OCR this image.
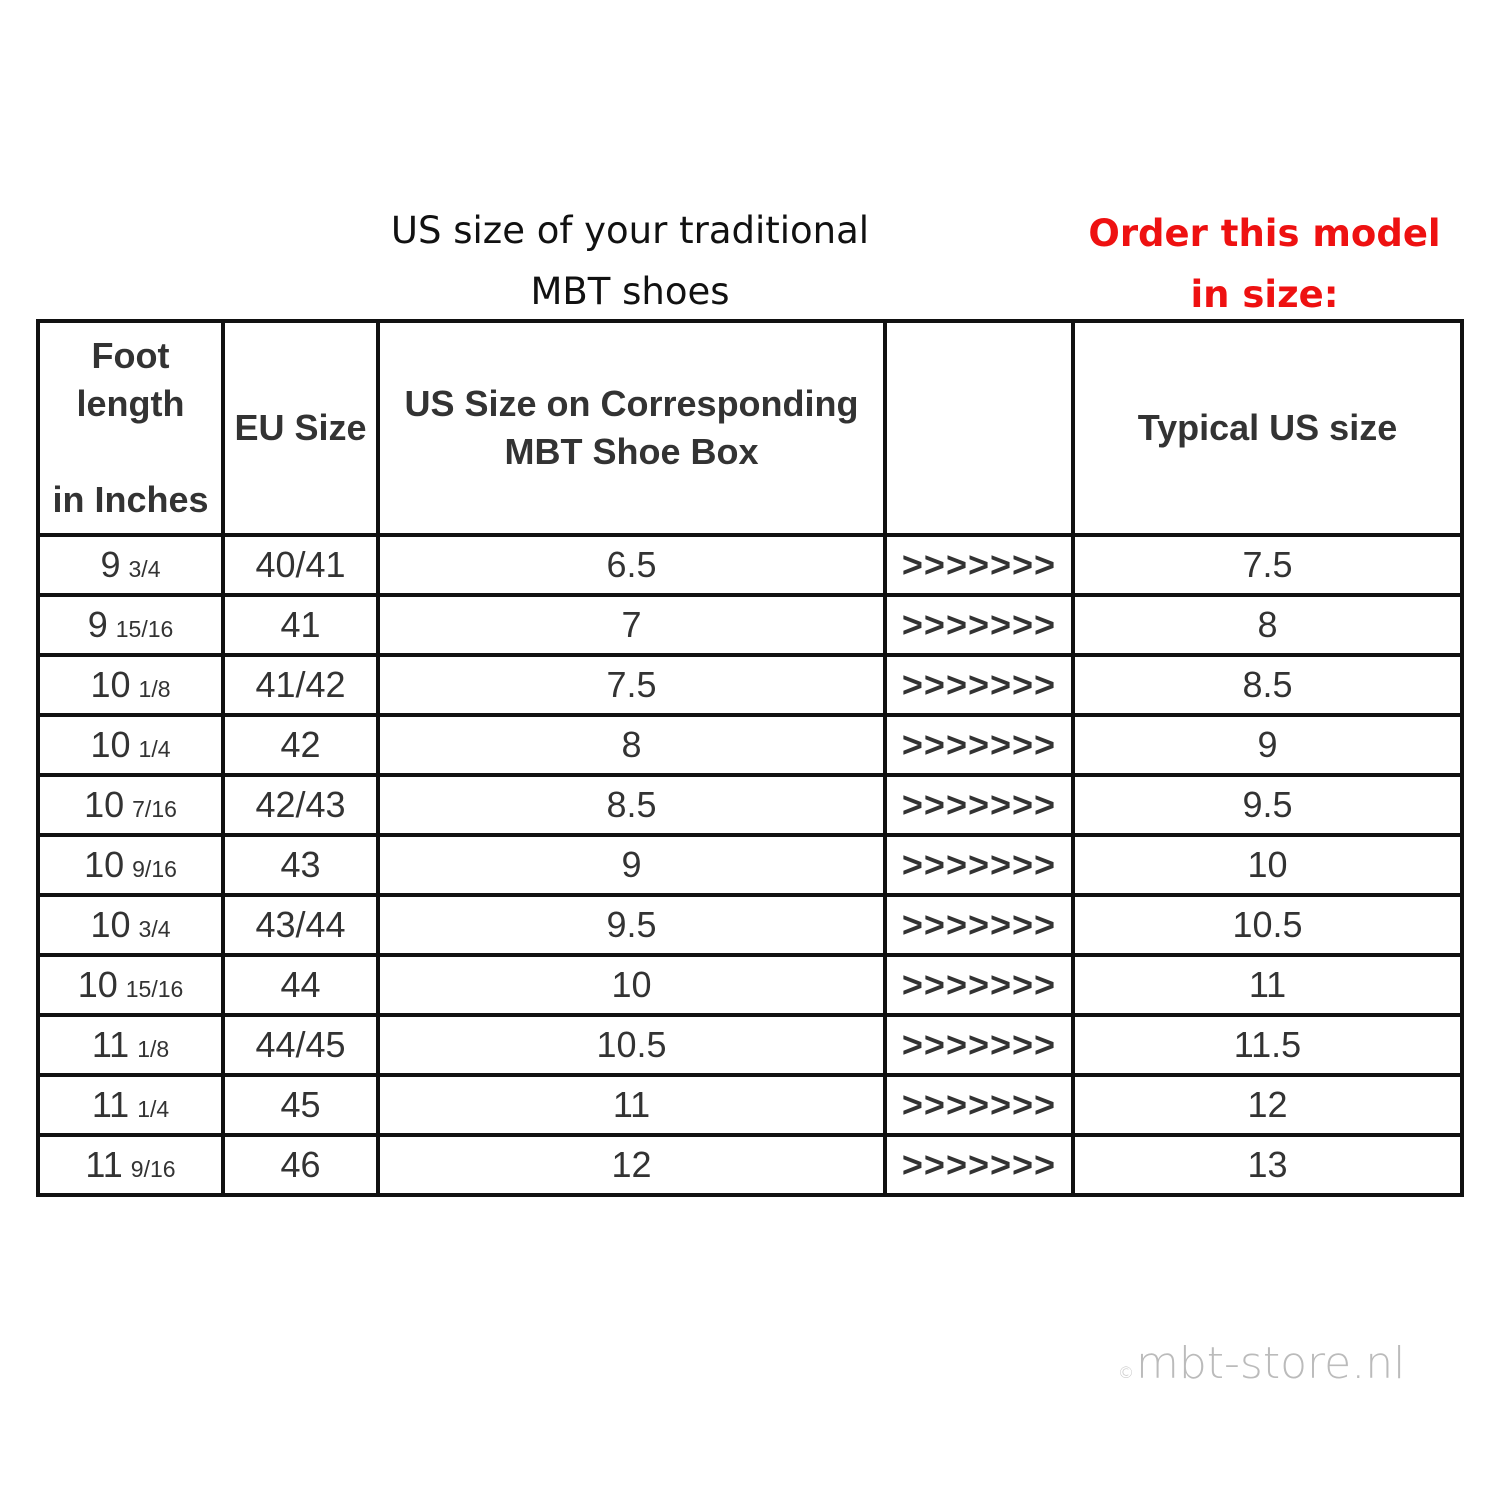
US size of your traditional MBT shoes
Order this model in size:
Foot length

in Inches	EU Size	US Size on Corresponding MBT Shoe Box		Typical US size
9 3/4	40/41	6.5	>>>>>>>	7.5
9 15/16	41	7	>>>>>>>	8
10 1/8	41/42	7.5	>>>>>>>	8.5
10 1/4	42	8	>>>>>>>	9
10 7/16	42/43	8.5	>>>>>>>	9.5
10 9/16	43	9	>>>>>>>	10
10 3/4	43/44	9.5	>>>>>>>	10.5
10 15/16	44	10	>>>>>>>	11
11 1/8	44/45	10.5	>>>>>>>	11.5
11 1/4	45	11	>>>>>>>	12
11 9/16	46	12	>>>>>>>	13
©mbt-store.nl
